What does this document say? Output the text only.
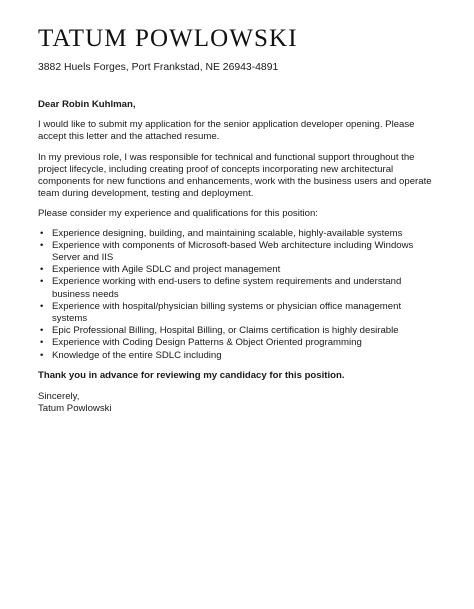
TATUM POWLOWSKI
3882 Huels Forges, Port Frankstad, NE 26943-4891
Dear Robin Kuhlman,
I would like to submit my application for the senior application developer opening. Please accept this letter and the attached resume.
In my previous role, I was responsible for technical and functional support throughout the project lifecycle, including creating proof of concepts incorporating new architectural components for new functions and enhancements, work with the business users and operate team during development, testing and deployment.
Please consider my experience and qualifications for this position:
• Experience designing, building, and maintaining scalable, highly-available systems
• Experience with components of Microsoft-based Web architecture including Windows Server and IIS
• Experience with Agile SDLC and project management
• Experience working with end-users to define system requirements and understand business needs
• Experience with hospital/physician billing systems or physician office management systems
• Epic Professional Billing, Hospital Billing, or Claims certification is highly desirable
• Experience with Coding Design Patterns & Object Oriented programming
• Knowledge of the entire SDLC including
Thank you in advance for reviewing my candidacy for this position.
Sincerely,
Tatum Powlowski
